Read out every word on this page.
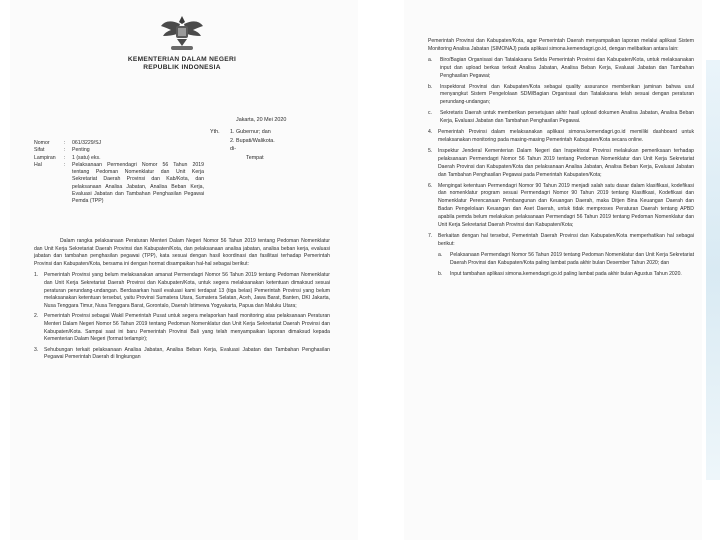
KEMENTERIAN DALAM NEGERI
REPUBLIK INDONESIA
Jakarta, 20 Mei 2020
Yth.	1. Gubernur; dan
2. Bupati/Walikota.
di-
Tempat
Nomor	:	061/3229/SJ
Sifat	:	Penting
Lampiran	:	1 (satu) eks.
Hal	:	Pelaksanaan Permendagri Nomor 56 Tahun 2019 tentang Pedoman Nomenklatur dan Unit Kerja Sekretariat Daerah Provinsi dan Kab/Kota, dan pelaksanaan Analisa Jabatan, Analisa Beban Kerja, Evaluasi Jabatan dan Tambahan Penghasilan Pegawai Pemda (TPP)

Dalam rangka pelaksanaan Peraturan Menteri Dalam Negeri Nomor 56 Tahun 2019 tentang Pedoman Nomenklatur dan Unit Kerja Sekretariat Daerah Provinsi dan Kabupaten/Kota, dan pelaksanaan analisa jabatan, analisa beban kerja, evaluasi jabatan dan tambahan penghasilan pegawai (TPP), kata sesuai dengan hasil koordinasi dan fasilitasi terhadap Pemerintah Provinsi dan Kabupaten/Kota, bersama ini dengan hormat disampaikan hal-hal sebagai berikut:

1.	Pemerintah Provinsi yang belum melaksanakan amanat Permendagri Nomor 56 Tahun 2019 tentang Pedoman Nomenklatur dan Unit Kerja Sekretariat Daerah Provinsi dan Kabupaten/Kota, untuk segera melaksanakan ketentuan dimaksud sesuai peraturan perundang-undangan. Berdasarkan hasil evaluasi kami terdapat 13 (tiga belas) Pemerintah Provinsi yang belum melaksanakan ketentuan tersebut, yaitu Provinsi Sumatera Utara, Sumatera Selatan, Aceh, Jawa Barat, Banten, DKI Jakarta, Nusa Tenggara Timur, Nusa Tenggara Barat, Gorontalo, Daerah Istimewa Yogyakarta, Papua dan Maluku Utara;
2.	Pemerintah Provinsi sebagai Wakil Pemerintah Pusat untuk segera melaporkan hasil monitoring atas pelaksanaan Peraturan Menteri Dalam Negeri Nomor 56 Tahun 2019 tentang Pedoman Nomenklatur dan Unit Kerja Sekretariat Daerah Provinsi dan Kabupaten/Kota. Sampai saat ini baru Pemerintah Provinsi Bali yang telah menyampaikan laporan dimaksud kepada Kementerian Dalam Negeri (format terlampir);
3.	Sehubungan terkait pelaksanaan Analisa Jabatan, Analisa Beban Kerja, Evaluasi Jabatan dan Tambahan Penghasilan Pegawai Pemerintah Daerah di lingkungan

Pemerintah Provinsi dan Kabupaten/Kota, agar Pemerintah Daerah menyampaikan laporan melalui aplikasi Sistem Monitoring Analisa Jabatan (SIMONAJ) pada aplikasi simona.kemendagri.go.id, dengan melibatkan antara lain:

a.	Biro/Bagian Organisasi dan Tatalaksana Setda Pemerintah Provinsi dan Kabupaten/Kota, untuk melaksanakan input dan upload berkas terkait Analisa Jabatan, Analisa Beban Kerja, Evaluasi Jabatan dan Tambahan Penghasilan Pegawai;
b.	Inspektorat Provinsi dan Kabupaten/Kota sebagai quality assurance memberikan jaminan bahwa usul menyangkut Sistem Pengelolaan SDM/Bagian Organisasi dan Tatalaksana telah sesuai dengan peraturan perundang-undangan;
c.	Sekretaris Daerah untuk memberikan persetujuan akhir hasil upload dokumen Analisa Jabatan, Analisa Beban Kerja, Evaluasi Jabatan dan Tambahan Penghasilan Pegawai.
4.	Pemerintah Provinsi dalam melaksanakan aplikasi simona.kemendagri.go.id memiliki dashboard untuk melaksanakan monitoring pada masing-masing Pemerintah Kabupaten/Kota secara online.
5.	Inspektur Jenderal Kementerian Dalam Negeri dan Inspektorat Provinsi melakukan pemeriksaan terhadap pelaksanaan Permendagri Nomor 56 Tahun 2019 tentang Pedoman Nomenklatur dan Unit Kerja Sekretariat Daerah Provinsi dan Kabupaten/Kota dan pelaksanaan Analisa Jabatan, Analisa Beban Kerja, Evaluasi Jabatan dan Tambahan Penghasilan Pegawai pada Pemerintah Kabupaten/Kota;
6.	Mengingat ketentuan Permendagri Nomor 90 Tahun 2019 menjadi salah satu dasar dalam klasifikasi, kodefikasi dan nomenklatur program sesuai Permendagri Nomor 90 Tahun 2019 tentang Klasifikasi, Kodefikasi dan Nomenklatur Perencanaan Pembangunan dan Keuangan Daerah, maka Ditjen Bina Keuangan Daerah dan Badan Pengelolaan Keuangan dan Aset Daerah, untuk tidak memproses Peraturan Daerah tentang APBD apabila pemda belum melakukan pelaksanaan Permendagri 56 Tahun 2019 tentang Pedoman Nomenklatur dan Unit Kerja Sekretariat Daerah Provinsi dan Kabupaten/Kota;
7.	Berkaitan dengan hal tersebut, Pemerintah Daerah Provinsi dan Kabupaten/Kota memperhatikan hal sebagai berikut:
a.	Pelaksanaan Permendagri Nomor 56 Tahun 2019 tentang Pedoman Nomenklatur dan Unit Kerja Sekretariat Daerah Provinsi dan Kabupaten/Kota paling lambat pada akhir bulan Desember Tahun 2020; dan
b.	Input tambahan aplikasi simona.kemendagri.go.id paling lambat pada akhir bulan Agustus Tahun 2020.
